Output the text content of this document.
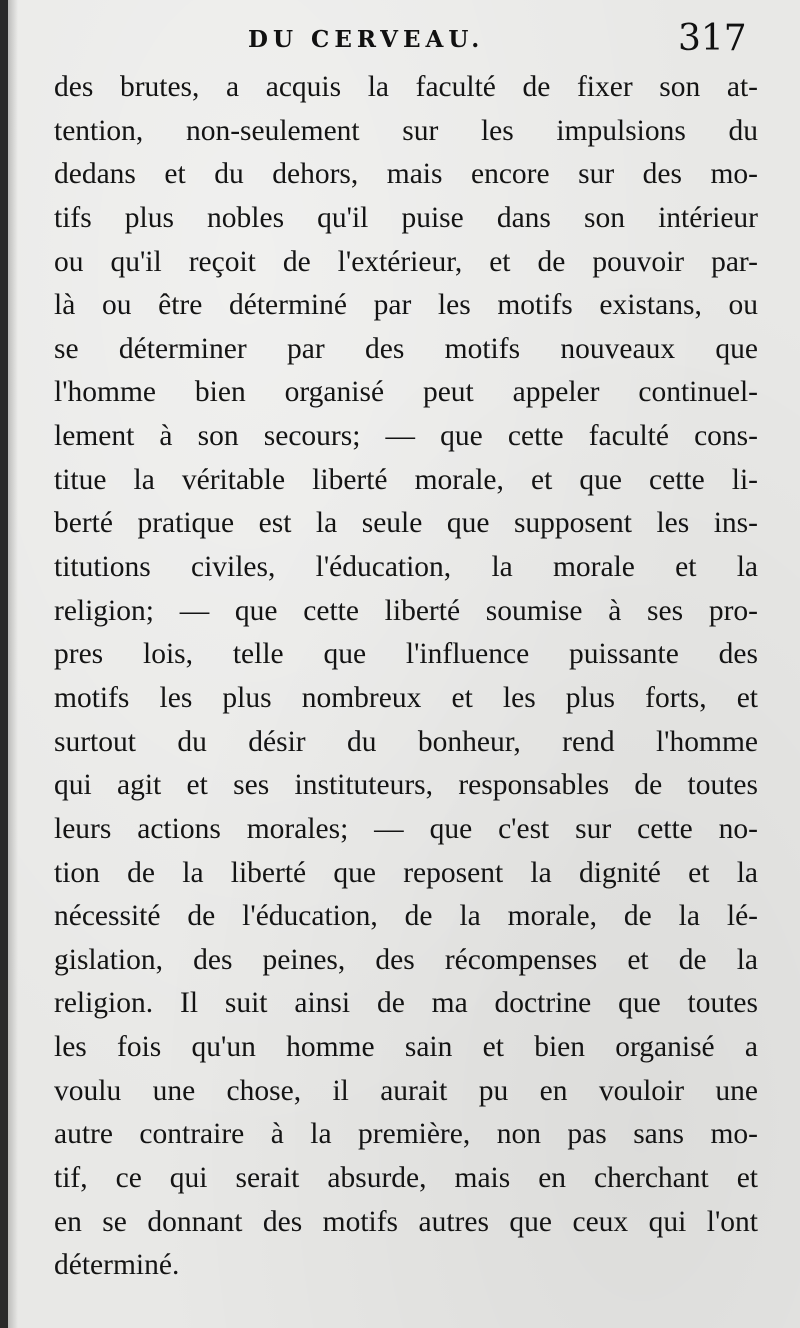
DU CERVEAU.	317
des brutes, a acquis la faculté de fixer son at-
tention, non-seulement sur les impulsions du
dedans et du dehors, mais encore sur des mo-
tifs plus nobles qu'il puise dans son intérieur
ou qu'il reçoit de l'extérieur, et de pouvoir par-
là ou être déterminé par les motifs existans, ou
se déterminer par des motifs nouveaux que
l'homme bien organisé peut appeler continuel-
lement à son secours; — que cette faculté cons-
titue la véritable liberté morale, et que cette li-
berté pratique est la seule que supposent les ins-
titutions civiles, l'éducation, la morale et la
religion; — que cette liberté soumise à ses pro-
pres lois, telle que l'influence puissante des
motifs les plus nombreux et les plus forts, et
surtout du désir du bonheur, rend l'homme
qui agit et ses instituteurs, responsables de toutes
leurs actions morales; — que c'est sur cette no-
tion de la liberté que reposent la dignité et la
nécessité de l'éducation, de la morale, de la lé-
gislation, des peines, des récompenses et de la
religion. Il suit ainsi de ma doctrine que toutes
les fois qu'un homme sain et bien organisé a
voulu une chose, il aurait pu en vouloir une
autre contraire à la première, non pas sans mo-
tif, ce qui serait absurde, mais en cherchant et
en se donnant des motifs autres que ceux qui l'ont
déterminé.
